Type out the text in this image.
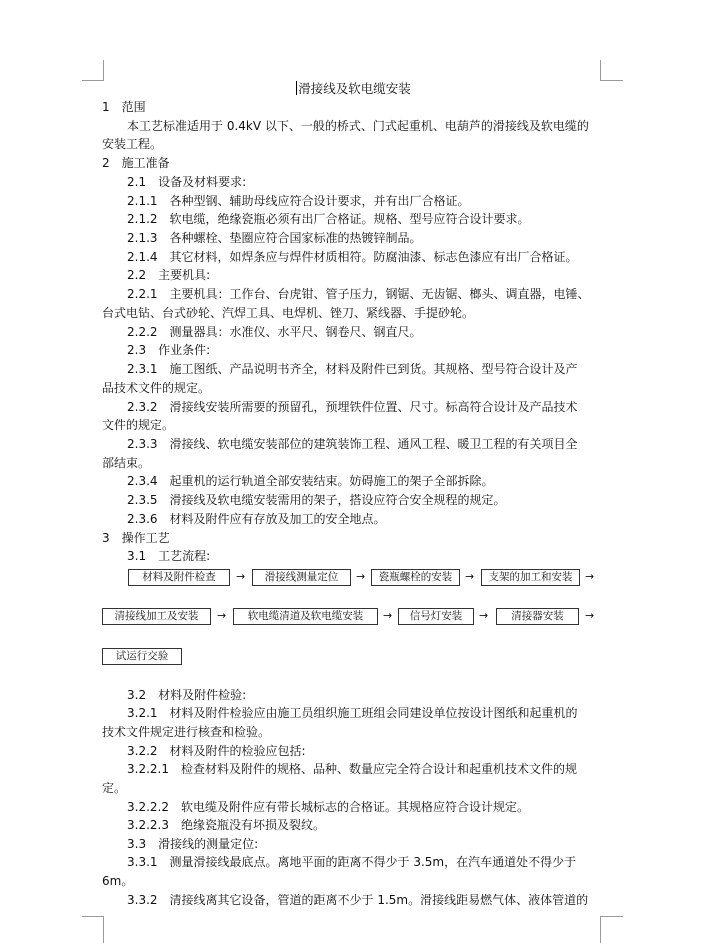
滑接线及软电缆安装
1　范围
本工艺标准适用于 0.4kV 以下、一般的桥式、门式起重机、电葫芦的滑接线及软电缆的
安装工程。
2　施工准备
2.1　设备及材料要求:
2.1.1　各种型钢、辅助母线应符合设计要求，并有出厂合格证。
2.1.2　软电缆，绝缘瓷瓶必须有出厂合格证。规格、型号应符合设计要求。
2.1.3　各种螺栓、垫圈应符合国家标准的热镀锌制品。
2.1.4　其它材料，如焊条应与焊件材质相符。防腐油漆、标志色漆应有出厂合格证。
2.2　主要机具:
2.2.1　主要机具：工作台、台虎钳、管子压力，钢锯、无齿锯、榔头、调直器，电锤、
台式电钻、台式砂轮、汽焊工具、电焊机、锉刀、紧线器、手提砂轮。
2.2.2　测量器具：水准仪、水平尺、钢卷尺、钢直尺。
2.3　作业条件:
2.3.1　施工图纸、产品说明书齐全，材料及附件已到货。其规格、型号符合设计及产
品技术文件的规定。
2.3.2　滑接线安装所需要的预留孔，预埋铁件位置、尺寸。标高符合设计及产品技术
文件的规定。
2.3.3　滑接线、软电缆安装部位的建筑装饰工程、通风工程、暖卫工程的有关项目全
部结束。
2.3.4　起重机的运行轨道全部安装结束。妨碍施工的架子全部拆除。
2.3.5　滑接线及软电缆安装需用的架子，搭设应符合安全规程的规定。
2.3.6　材料及附件应有存放及加工的安全地点。
3　操作工艺
3.1　工艺流程:
材料及附件检查	→	滑接线测量定位	→	瓷瓶螺栓的安装	→	支架的加工和安装	→
清接线加工及安装	→	软电缆清道及软电缆安装	→	信号灯安装	→	清接器安装	→
试运行交验
3.2　材料及附件检验:
3.2.1　材料及附件检验应由施工员组织施工班组会同建设单位按设计图纸和起重机的
技术文件规定进行核查和检验。
3.2.2　材料及附件的检验应包括:
3.2.2.1　检查材料及附件的规格、品种、数量应完全符合设计和起重机技术文件的规
定。
3.2.2.2　软电缆及附件应有带长城标志的合格证。其规格应符合设计规定。
3.2.2.3　绝缘瓷瓶没有坏损及裂纹。
3.3　滑接线的测量定位:
3.3.1　测量滑接线最底点。离地平面的距离不得少于 3.5m，在汽车通道处不得少于
6m。
3.3.2　清接线离其它设备，管道的距离不少于 1.5m。滑接线距易燃气体、液体管道的
